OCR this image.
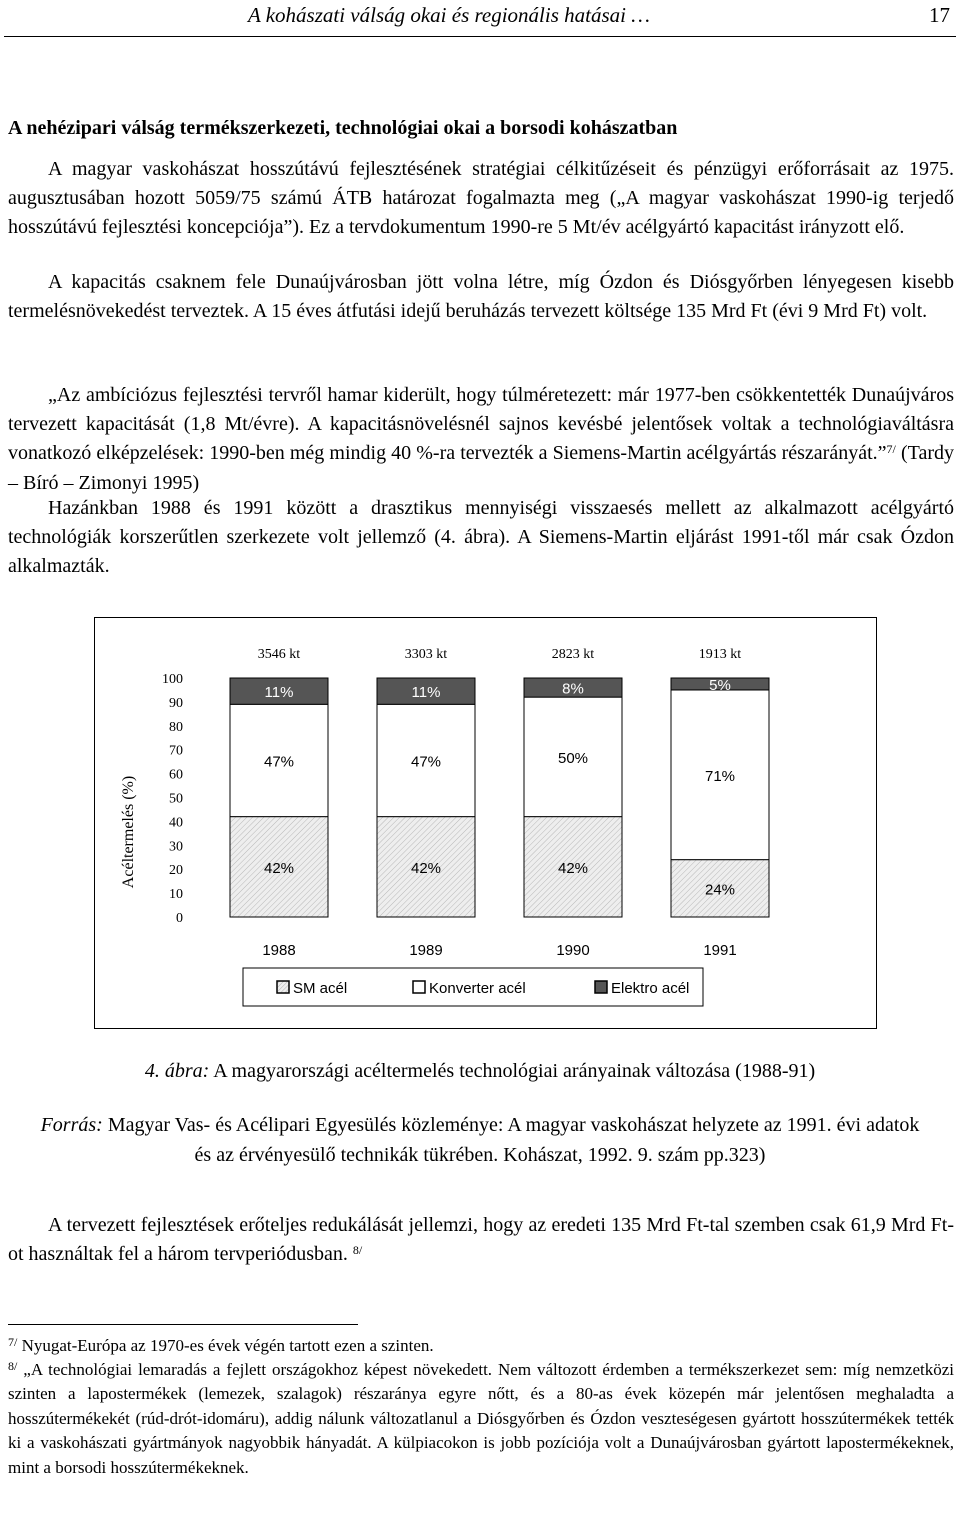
A kohászati válság okai és regionális hatásai …	17
A nehézipari válság termékszerkezeti, technológiai okai a borsodi kohászatban
A magyar vaskohászat hosszútávú fejlesztésének stratégiai célkitűzéseit és pénzügyi erőforrásait az 1975. augusztusában hozott 5059/75 számú ÁTB határozat fogalmazta meg („A magyar vaskohászat 1990-ig terjedő hosszútávú fejlesztési koncepciója”). Ez a tervdokumentum 1990-re 5 Mt/év acélgyártó kapacitást irányzott elő.
A kapacitás csaknem fele Dunaújvárosban jött volna létre, míg Ózdon és Diósgyőrben lényegesen kisebb termelésnövekedést terveztek. A 15 éves átfutási idejű beruházás tervezett költsége 135 Mrd Ft (évi 9 Mrd Ft) volt.
„Az ambíciózus fejlesztési tervről hamar kiderült, hogy túlméretezett: már 1977-ben csökkentették Dunaújváros tervezett kapacitását (1,8 Mt/évre). A kapacitásnövelésnél sajnos kevésbé jelentősek voltak a technológiaváltásra vonatkozó elképzelések: 1990-ben még mindig 40 %-ra tervezték a Siemens-Martin acélgyártás részarányát.”$^{7/}$ (Tardy – Bíró – Zimonyi 1995)
Hazánkban 1988 és 1991 között a drasztikus mennyiségi visszaesés mellett az alkalmazott acélgyártó technológiák korszerűtlen szerkezete volt jellemző (4. ábra). A Siemens-Martin eljárást 1991-től már csak Ózdon alkalmazták.
Acéltermelés (%)
100
90
80
70
60
50
40
30
20
10
0
42%
47%
11%
42%
47%
11%
42%
50%
8%
24%
71%
5%
3546 kt	3303 kt	2823 kt	1913 kt
1988	1989	1990	1991
SM acél	Konverter acél	Elektro acél
4. ábra: A magyarországi acéltermelés technológiai arányainak változása (1988-91)
Forrás: Magyar Vas- és Acélipari Egyesülés közleménye: A magyar vaskohászat helyzete az 1991. évi adatok és az érvényesülő technikák tükrében. Kohászat, 1992. 9. szám pp.323)
A tervezett fejlesztések erőteljes redukálását jellemzi, hogy az eredeti 135 Mrd Ft-tal szemben csak 61,9 Mrd Ft-ot használtak fel a három tervperiódusban. $^{8/}$
$^{7/}$ Nyugat-Európa az 1970-es évek végén tartott ezen a szinten.
$^{8/}$ „A technológiai lemaradás a fejlett országokhoz képest növekedett. Nem változott érdemben a termékszerkezet sem: míg nemzetközi szinten a lapostermékek (lemezek, szalagok) részaránya egyre nőtt, és a 80-as évek közepén már jelentősen meghaladta a hosszútermékekét (rúd-drót-idomáru), addig nálunk változatlanul a Diósgyőrben és Ózdon veszteségesen gyártott hosszútermékek tették ki a vaskohászati gyártmányok nagyobbik hányadát. A külpiacokon is jobb pozíciója volt a Dunaújvárosban gyártott lapostermékeknek, mint a borsodi hosszútermékeknek.
